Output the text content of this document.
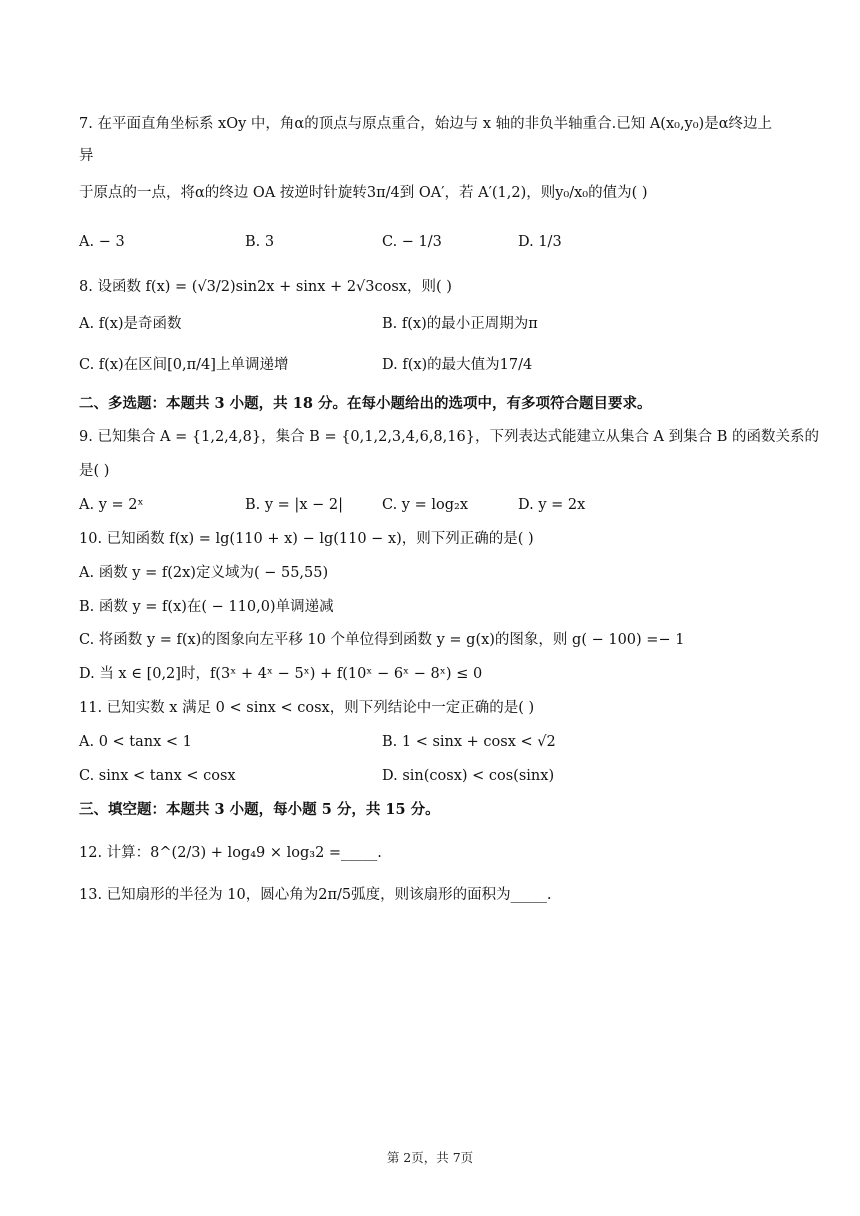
7. 在平面直角坐标系 xOy 中，角α的顶点与原点重合，始边与 x 轴的非负半轴重合.已知 A(x₀,y₀)是α终边上
异
于原点的一点，将α的终边 OA 按逆时针旋转3π/4到 OA′，若 A′(1,2)，则y₀/x₀的值为( )
A. − 3	B. 3	C. − 1/3	D. 1/3
8. 设函数 f(x) = (√3/2)sin2x + sinx + 2√3cosx，则( )
A. f(x)是奇函数	B. f(x)的最小正周期为π
C. f(x)在区间[0,π/4]上单调递增	D. f(x)的最大值为17/4
二、多选题：本题共 3 小题，共 18 分。在每小题给出的选项中，有多项符合题目要求。
9. 已知集合 A = {1,2,4,8}，集合 B = {0,1,2,3,4,6,8,16}，下列表达式能建立从集合 A 到集合 B 的函数关系的
是( )
A. y = 2ˣ	B. y = |x − 2|	C. y = log₂x	D. y = 2x
10. 已知函数 f(x) = lg(110 + x) − lg(110 − x)，则下列正确的是( )
A. 函数 y = f(2x)定义域为( − 55,55)
B. 函数 y = f(x)在( − 110,0)单调递减
C. 将函数 y = f(x)的图象向左平移 10 个单位得到函数 y = g(x)的图象，则 g( − 100) =− 1
D. 当 x ∈ [0,2]时，f(3ˣ + 4ˣ − 5ˣ) + f(10ˣ − 6ˣ − 8ˣ) ≤ 0
11. 已知实数 x 满足 0 < sinx < cosx，则下列结论中一定正确的是( )
A. 0 < tanx < 1	B. 1 < sinx + cosx < √2
C. sinx < tanx < cosx	D. sin(cosx) < cos(sinx)
三、填空题：本题共 3 小题，每小题 5 分，共 15 分。
12. 计算：8^(2/3) + log₄9 × log₃2 =_____.
13. 已知扇形的半径为 10，圆心角为2π/5弧度，则该扇形的面积为_____.
第 2页，共 7页
